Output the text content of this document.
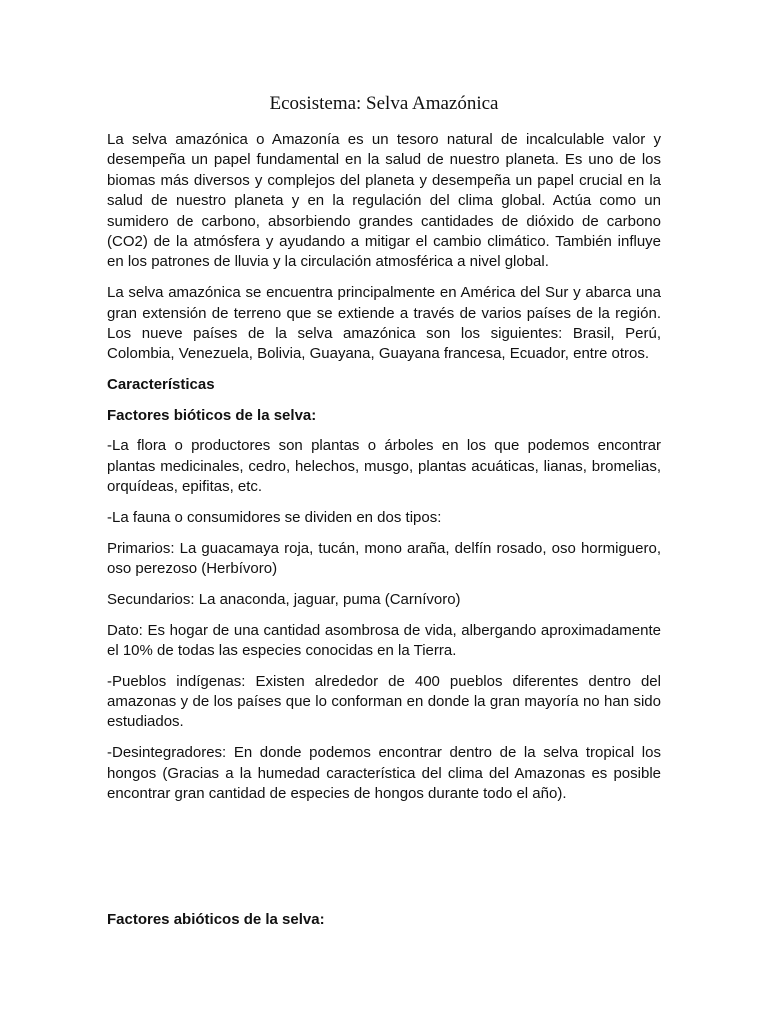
Ecosistema: Selva Amazónica

La selva amazónica o Amazonía es un tesoro natural de incalculable valor y desempeña un papel fundamental en la salud de nuestro planeta. Es uno de los biomas más diversos y complejos del planeta y desempeña un papel crucial en la salud de nuestro planeta y en la regulación del clima global. Actúa como un sumidero de carbono, absorbiendo grandes cantidades de dióxido de carbono (CO2) de la atmósfera y ayudando a mitigar el cambio climático. También influye en los patrones de lluvia y la circulación atmosférica a nivel global.

La selva amazónica se encuentra principalmente en América del Sur y abarca una gran extensión de terreno que se extiende a través de varios países de la región. Los nueve países de la selva amazónica son los siguientes: Brasil, Perú, Colombia, Venezuela, Bolivia, Guayana, Guayana francesa, Ecuador, entre otros.

Características

Factores bióticos de la selva:

-La flora o productores son plantas o árboles en los que podemos encontrar plantas medicinales, cedro, helechos, musgo, plantas acuáticas, lianas, bromelias, orquídeas, epifitas, etc.

-La fauna o consumidores se dividen en dos tipos:

Primarios: La guacamaya roja, tucán, mono araña, delfín rosado, oso hormiguero, oso perezoso (Herbívoro)

Secundarios: La anaconda, jaguar, puma (Carnívoro)

Dato: Es hogar de una cantidad asombrosa de vida, albergando aproximadamente el 10% de todas las especies conocidas en la Tierra.

-Pueblos indígenas: Existen alrededor de 400 pueblos diferentes dentro del amazonas y de los países que lo conforman en donde la gran mayoría no han sido estudiados.

-Desintegradores: En donde podemos encontrar dentro de la selva tropical los hongos (Gracias a la humedad característica del clima del Amazonas es posible encontrar gran cantidad de especies de hongos durante todo el año).

Factores abióticos de la selva:
